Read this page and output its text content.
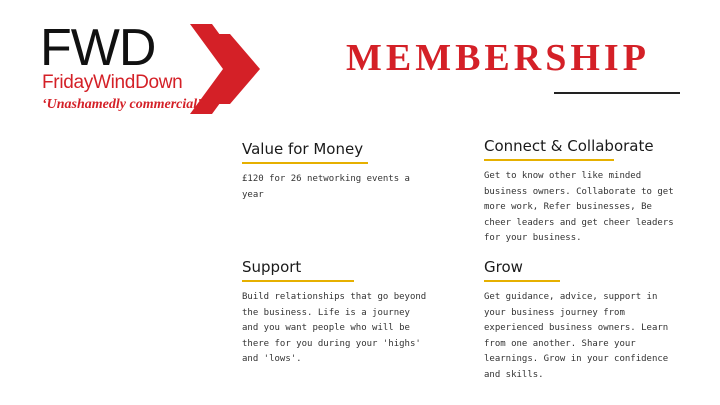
FWD
FridayWindDown
‘Unashamedly commercial’
MEMBERSHIP
Value for Money

£120 for 26 networking events a year

Connect & Collaborate

Get to know other like minded business owners. Collaborate to get more work, Refer businesses, Be cheer leaders and get cheer leaders for your business.

Support

Build relationships that go beyond the business. Life is a journey and you want people who will be there for you during your 'highs' and 'lows'.

Grow

Get guidance, advice, support in your business journey from experienced business owners. Learn from one another. Share your learnings. Grow in your confidence and skills.
